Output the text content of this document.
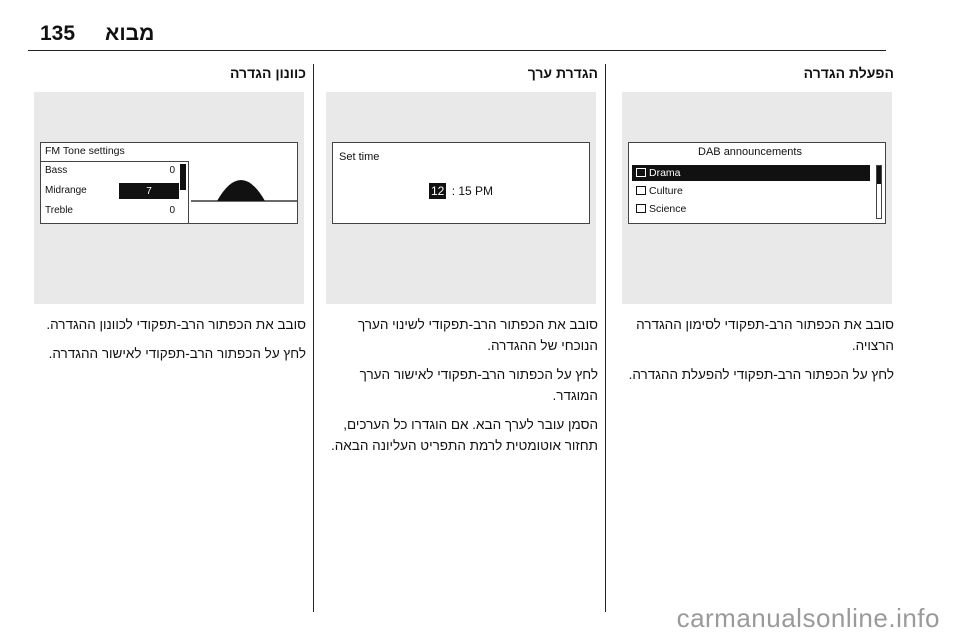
135 מבוא
הפעלת הגדרה
DAB announcements
Drama
Culture
Science

סובב את הכפתור הרב-תפקודי לסימון ההגדרה הרצויה.

לחץ על הכפתור הרב-תפקודי להפעלת ההגדרה.

הגדרת ערך
Set time
12 : 15 PM

סובב את הכפתור הרב-תפקודי לשינוי הערך הנוכחי של ההגדרה.

לחץ על הכפתור הרב-תפקודי לאישור הערך המוגדר.

הסמן עובר לערך הבא. אם הוגדרו כל הערכים, תחזור אוטומטית לרמת התפריט העליונה הבאה.

כוונון הגדרה
FM Tone settings
Bass	0
Midrange	7
Treble	0

סובב את הכפתור הרב-תפקודי לכוונון ההגדרה.

לחץ על הכפתור הרב-תפקודי לאישור ההגדרה.

carmanualsonline.info
